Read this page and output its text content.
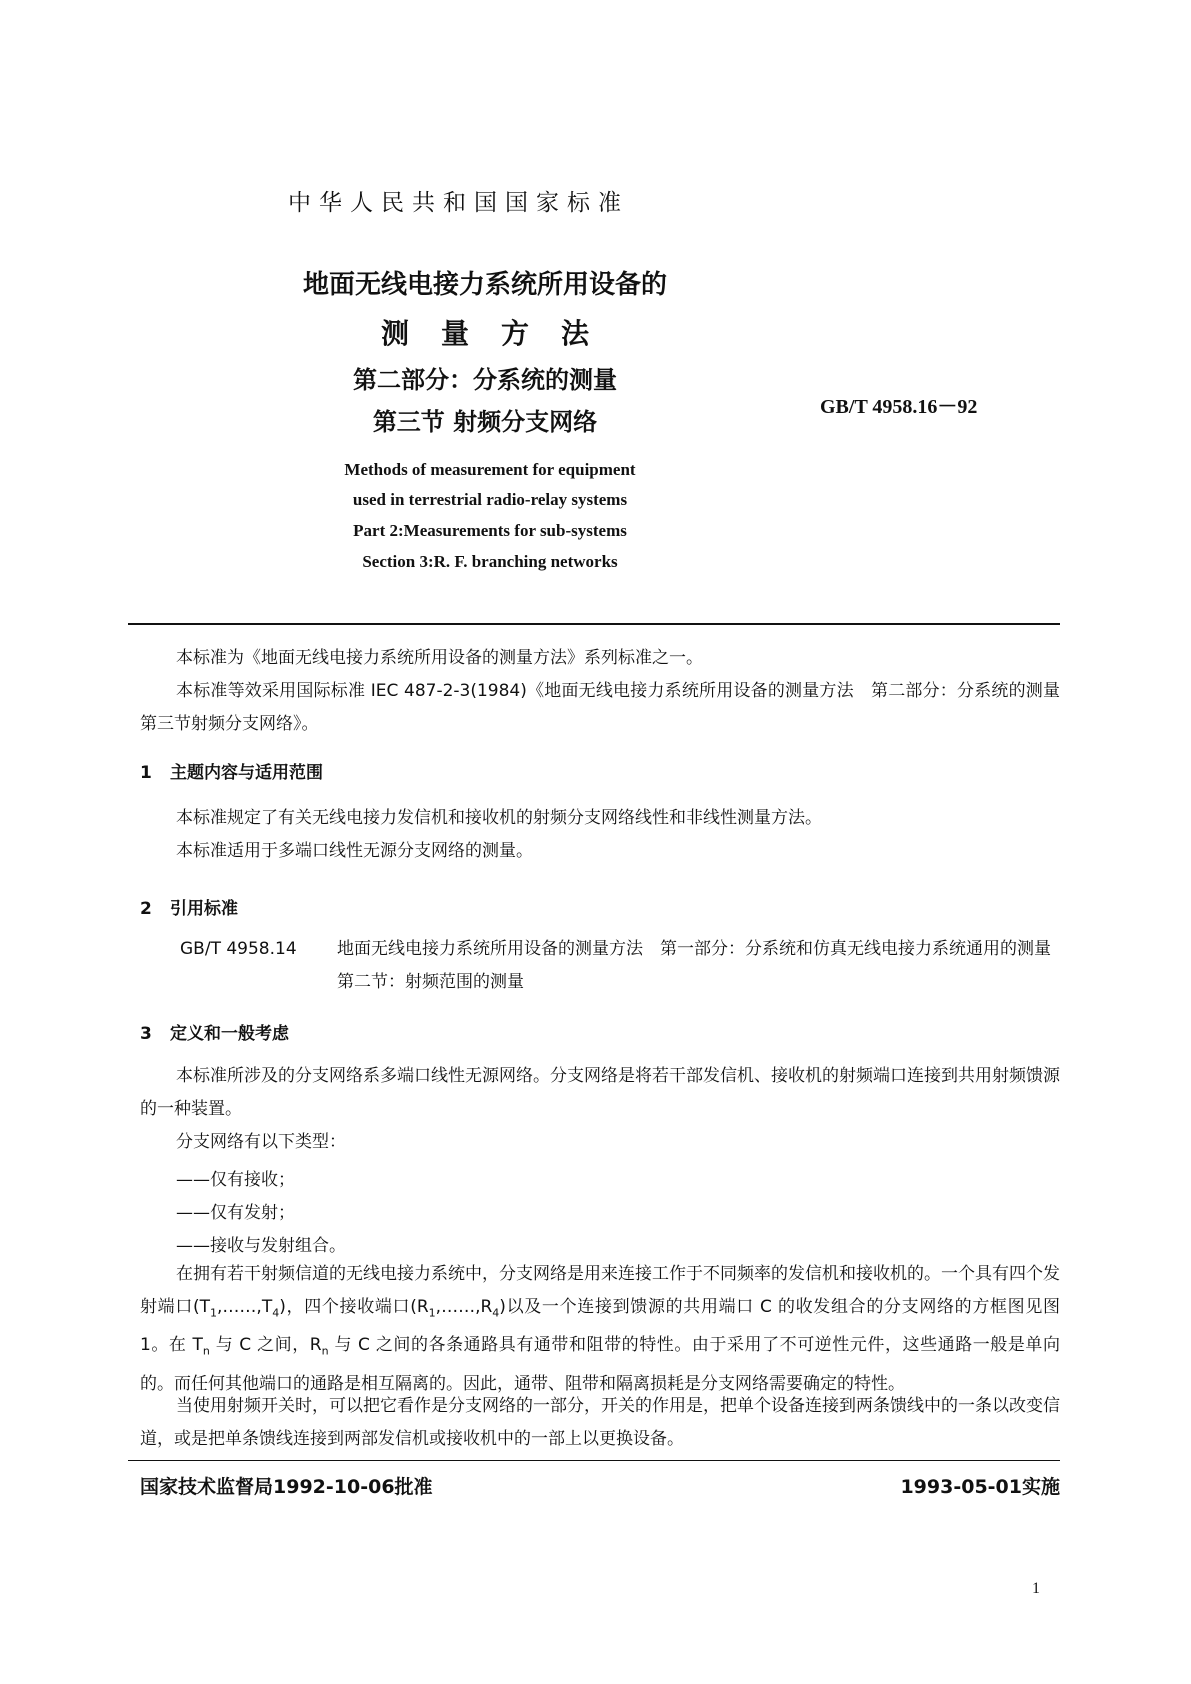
中华人民共和国国家标准
地面无线电接力系统所用设备的
测量方法
第二部分：分系统的测量
第三节 射频分支网络
GB/T 4958.16－92
Methods of measurement for equipment
used in terrestrial radio-relay systems
Part 2:Measurements for sub-systems
Section 3:R. F. branching networks
本标准为《地面无线电接力系统所用设备的测量方法》系列标准之一。
本标准等效采用国际标准 IEC 487-2-3(1984)《地面无线电接力系统所用设备的测量方法　第二部分：分系统的测量　第三节射频分支网络》。
1 主题内容与适用范围
本标准规定了有关无线电接力发信机和接收机的射频分支网络线性和非线性测量方法。
本标准适用于多端口线性无源分支网络的测量。
2 引用标准
GB/T 4958.14 地面无线电接力系统所用设备的测量方法　第一部分：分系统和仿真无线电接力系统通用的测量　第二节：射频范围的测量
3 定义和一般考虑
本标准所涉及的分支网络系多端口线性无源网络。分支网络是将若干部发信机、接收机的射频端口连接到共用射频馈源的一种装置。
分支网络有以下类型：
——仅有接收；
——仅有发射；
——接收与发射组合。
在拥有若干射频信道的无线电接力系统中，分支网络是用来连接工作于不同频率的发信机和接收机的。一个具有四个发射端口$(T_1,\dots\dots,T_4)$，四个接收端口$(R_1,\dots\dots,R_4)$以及一个连接到馈源的共用端口 C 的收发组合的分支网络的方框图见图 1。在 $T_n$ 与 C 之间，$R_n$ 与 C 之间的各条通路具有通带和阻带的特性。由于采用了不可逆性元件，这些通路一般是单向的。而任何其他端口的通路是相互隔离的。因此，通带、阻带和隔离损耗是分支网络需要确定的特性。
当使用射频开关时，可以把它看作是分支网络的一部分，开关的作用是，把单个设备连接到两条馈线中的一条以改变信道，或是把单条馈线连接到两部发信机或接收机中的一部上以更换设备。
国家技术监督局1992-10-06批准	1993-05-01实施
1
